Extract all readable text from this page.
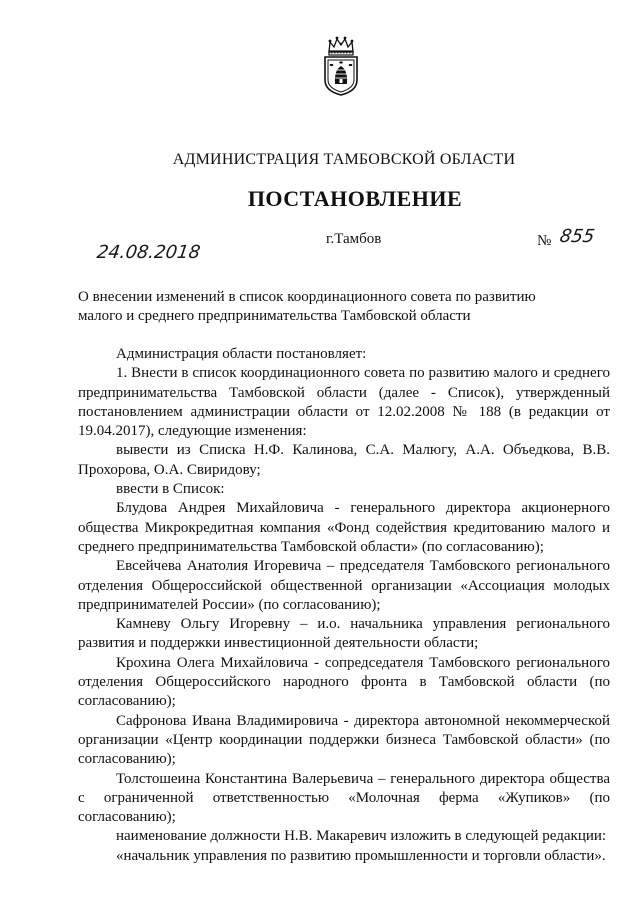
АДМИНИСТРАЦИЯ ТАМБОВСКОЙ ОБЛАСТИ
ПОСТАНОВЛЕНИЕ
24.08.2018
г.Тамбов	№ 855
О внесении изменений в список координационного совета по развитию малого и среднего предпринимательства Тамбовской области

Администрация области постановляет:

1. Внести в список координационного совета по развитию малого и среднего предпринимательства Тамбовской области (далее - Список), утвержденный постановлением администрации области от 12.02.2008 № 188 (в редакции от 19.04.2017), следующие изменения:

вывести из Списка Н.Ф. Калинова, С.А. Малюгу, А.А. Объедкова, В.В. Прохорова, О.А. Свиридову;

ввести в Список:

Блудова Андрея Михайловича - генерального директора акционерного общества Микрокредитная компания «Фонд содействия кредитованию малого и среднего предпринимательства Тамбовской области» (по согласованию);

Евсейчева Анатолия Игоревича – председателя Тамбовского регионального отделения Общероссийской общественной организации «Ассоциация молодых предпринимателей России» (по согласованию);

Камневу Ольгу Игоревну – и.о. начальника управления регионального развития и поддержки инвестиционной деятельности области;

Крохина Олега Михайловича - сопредседателя Тамбовского регионального отделения Общероссийского народного фронта в Тамбовской области (по согласованию);

Сафронова Ивана Владимировича - директора автономной некоммерческой организации «Центр координации поддержки бизнеса Тамбовской области» (по согласованию);

Толстошеина Константина Валерьевича – генерального директора общества с ограниченной ответственностью «Молочная ферма «Жупиков» (по согласованию);

наименование должности Н.В. Макаревич изложить в следующей редакции:

«начальник управления по развитию промышленности и торговли области».
